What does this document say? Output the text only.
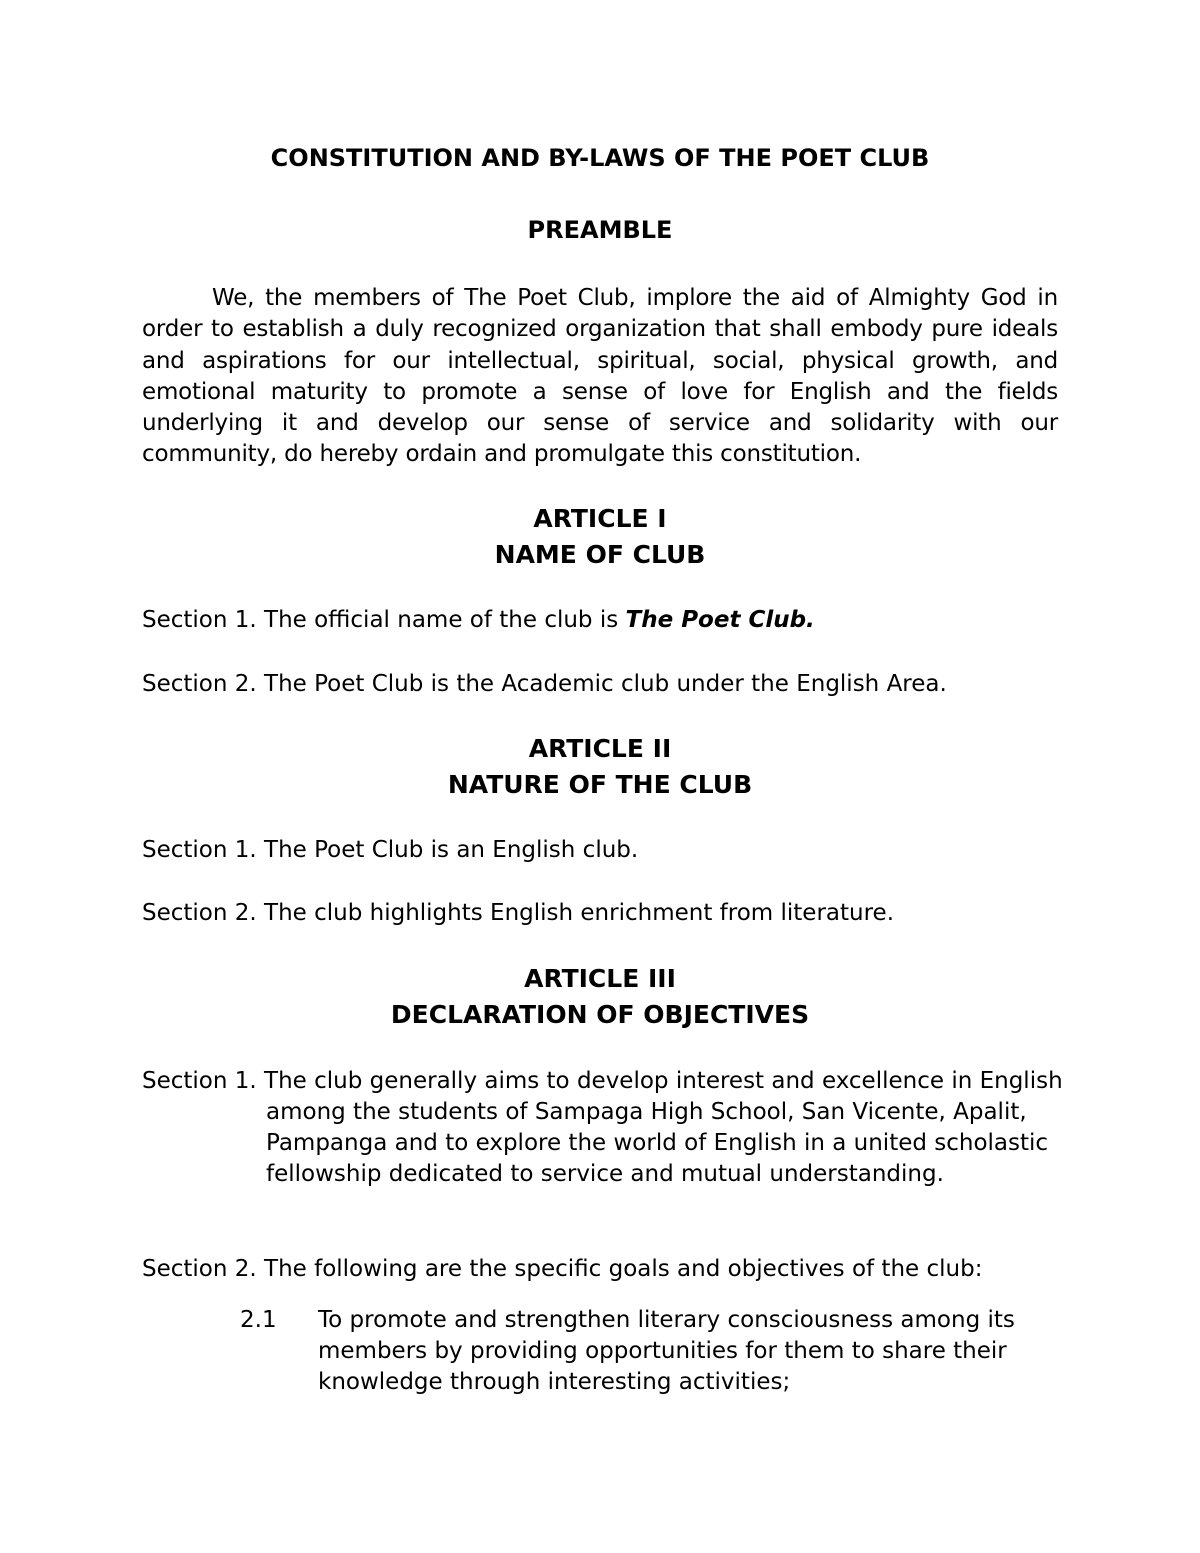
CONSTITUTION AND BY-LAWS OF THE POET CLUB
PREAMBLE

We, the members of The Poet Club, implore the aid of Almighty God in order to establish a duly recognized organization that shall embody pure ideals and aspirations for our intellectual, spiritual, social, physical growth, and emotional maturity to promote a sense of love for English and the fields underlying it and develop our sense of service and solidarity with our community, do hereby ordain and promulgate this constitution.

ARTICLE I
NAME OF CLUB

Section 1. The official name of the club is The Poet Club.

Section 2. The Poet Club is the Academic club under the English Area.

ARTICLE II
NATURE OF THE CLUB

Section 1. The Poet Club is an English club.

Section 2. The club highlights English enrichment from literature.

ARTICLE III
DECLARATION OF OBJECTIVES

Section 1. The club generally aims to develop interest and excellence in English among the students of Sampaga High School, San Vicente, Apalit, Pampanga and to explore the world of English in a united scholastic fellowship dedicated to service and mutual understanding.

Section 2. The following are the specific goals and objectives of the club:

2.1 To promote and strengthen literary consciousness among its members by providing opportunities for them to share their knowledge through interesting activities;
